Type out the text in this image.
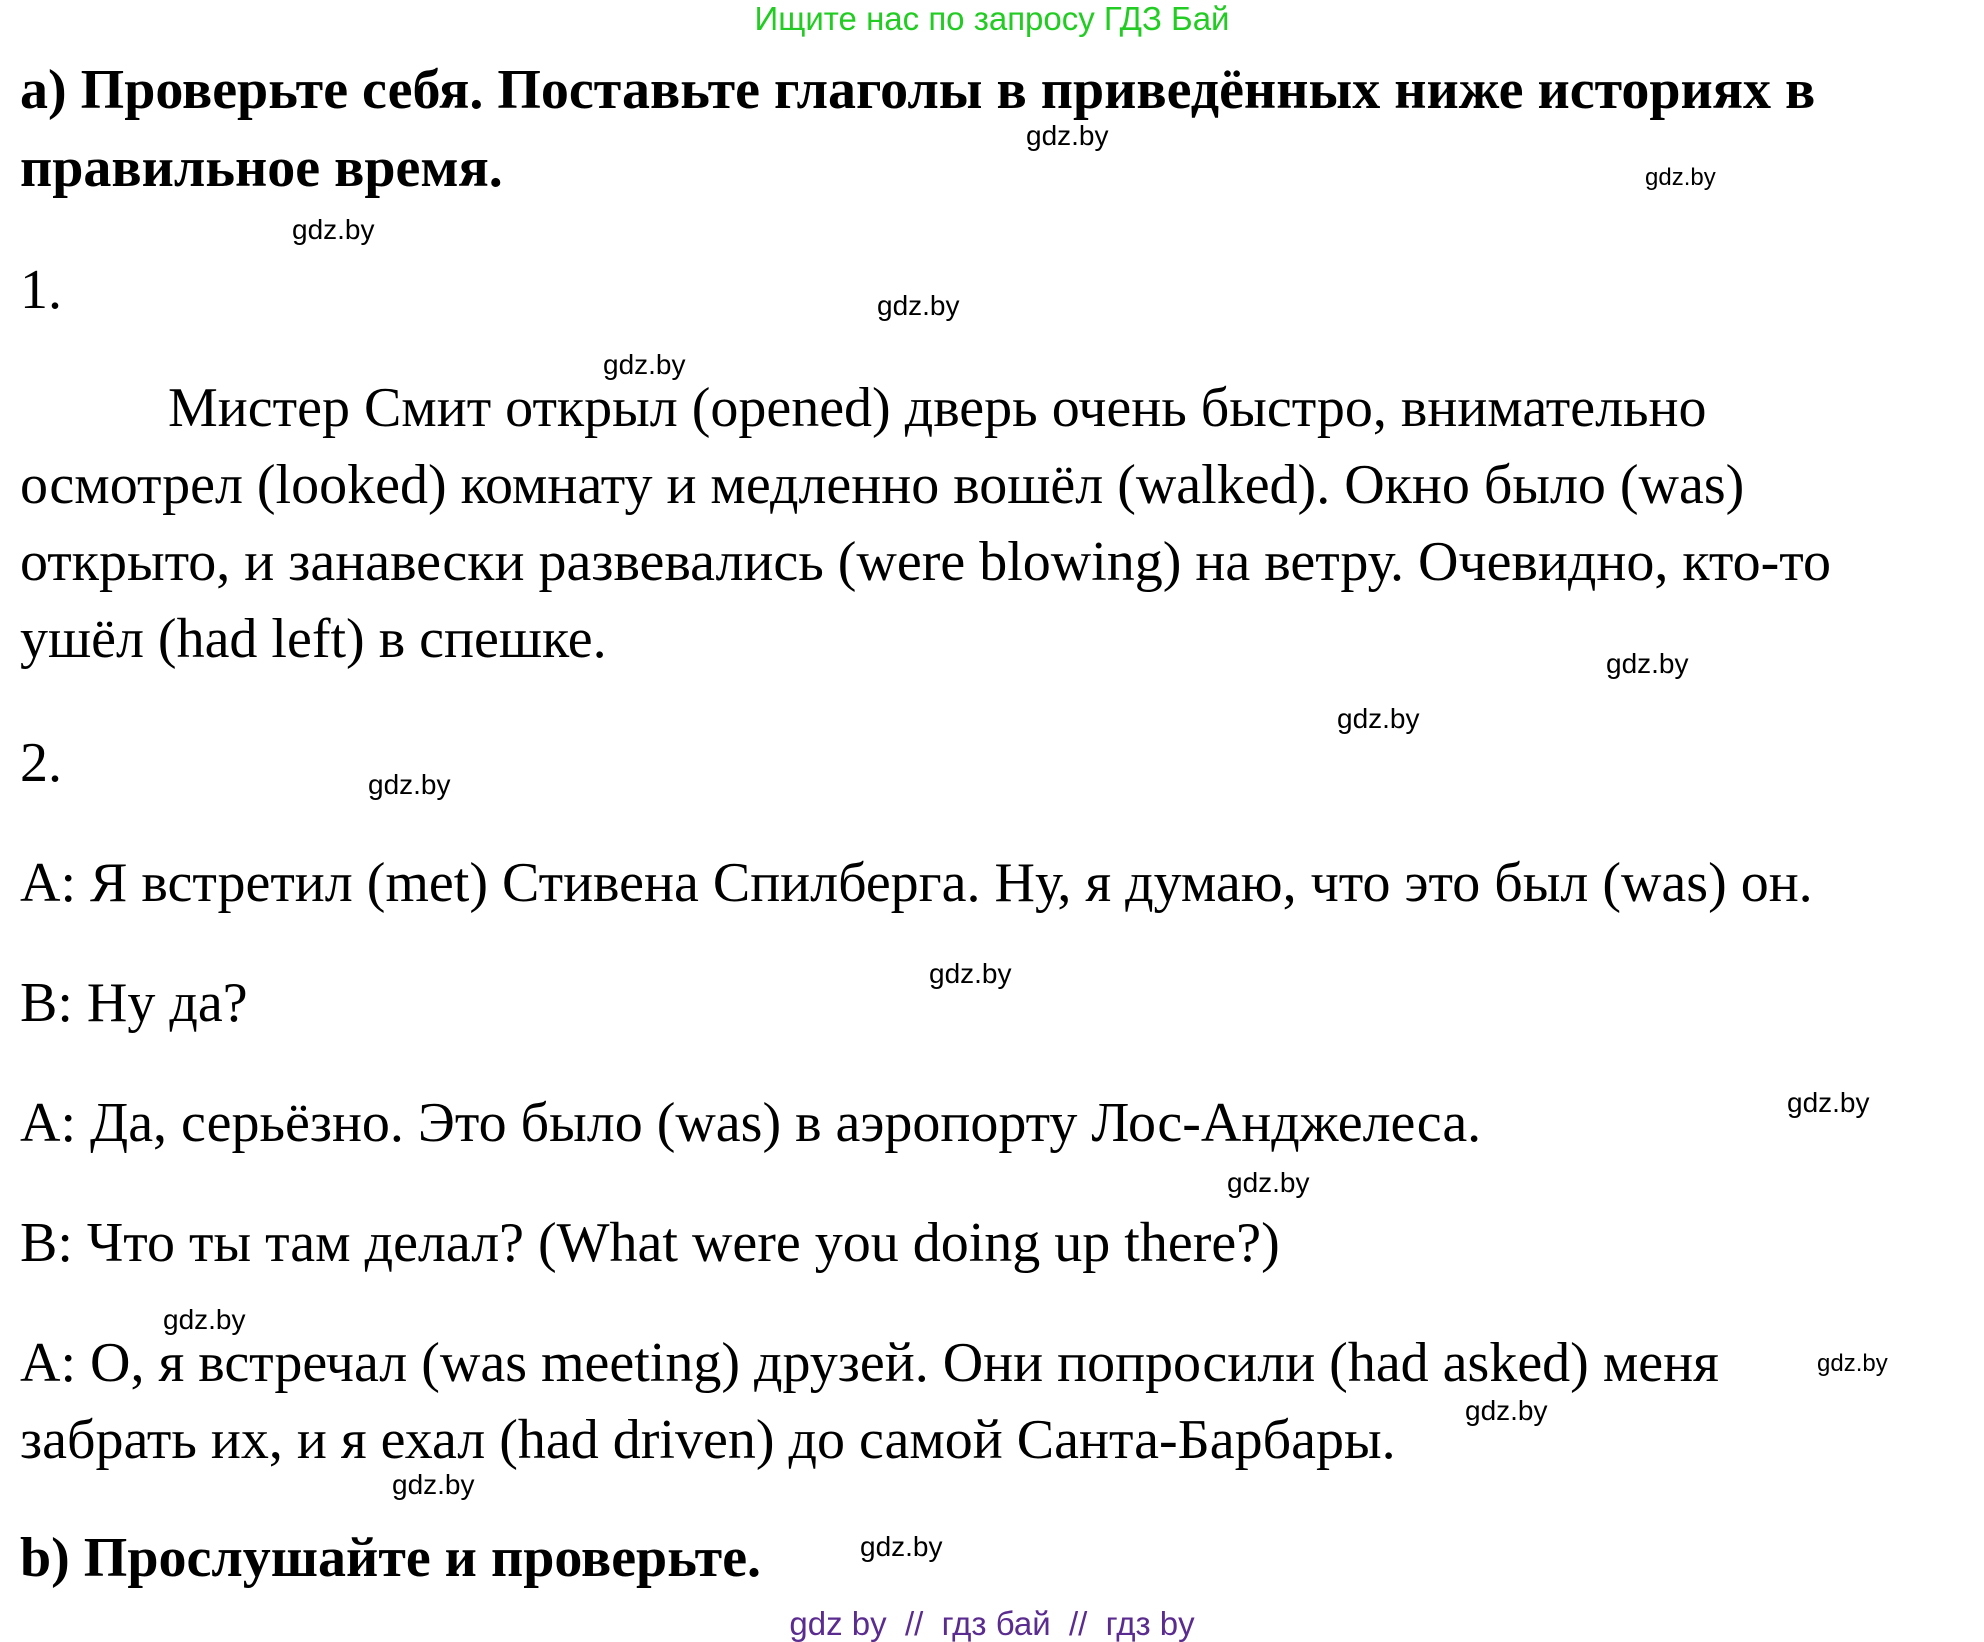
Ищите нас по запросу ГДЗ Бай
a) Проверьте себя. Поставьте глаголы в приведённых ниже историях в
правильное время.
1.
Мистер Смит открыл (opened) дверь очень быстро, внимательно
осмотрел (looked) комнату и медленно вошёл (walked). Окно было (was)
открыто, и занавески развевались (were blowing) на ветру. Очевидно, кто-то
ушёл (had left) в спешке.
2.
A: Я встретил (met) Стивена Спилберга. Ну, я думаю, что это был (was) он.
B: Ну да?
A: Да, серьёзно. Это было (was) в аэропорту Лос-Анджелеса.
B: Что ты там делал? (What were you doing up there?)
A: О, я встречал (was meeting) друзей. Они попросили (had asked) меня
забрать их, и я ехал (had driven) до самой Санта-Барбары.
b) Прослушайте и проверьте.
gdz.by
gdz.by
gdz.by
gdz.by
gdz.by
gdz.by
gdz.by
gdz.by
gdz.by
gdz.by
gdz.by
gdz.by
gdz.by
gdz.by
gdz.by
gdz.by
gdz by  //  гдз бай  //  гдз by
